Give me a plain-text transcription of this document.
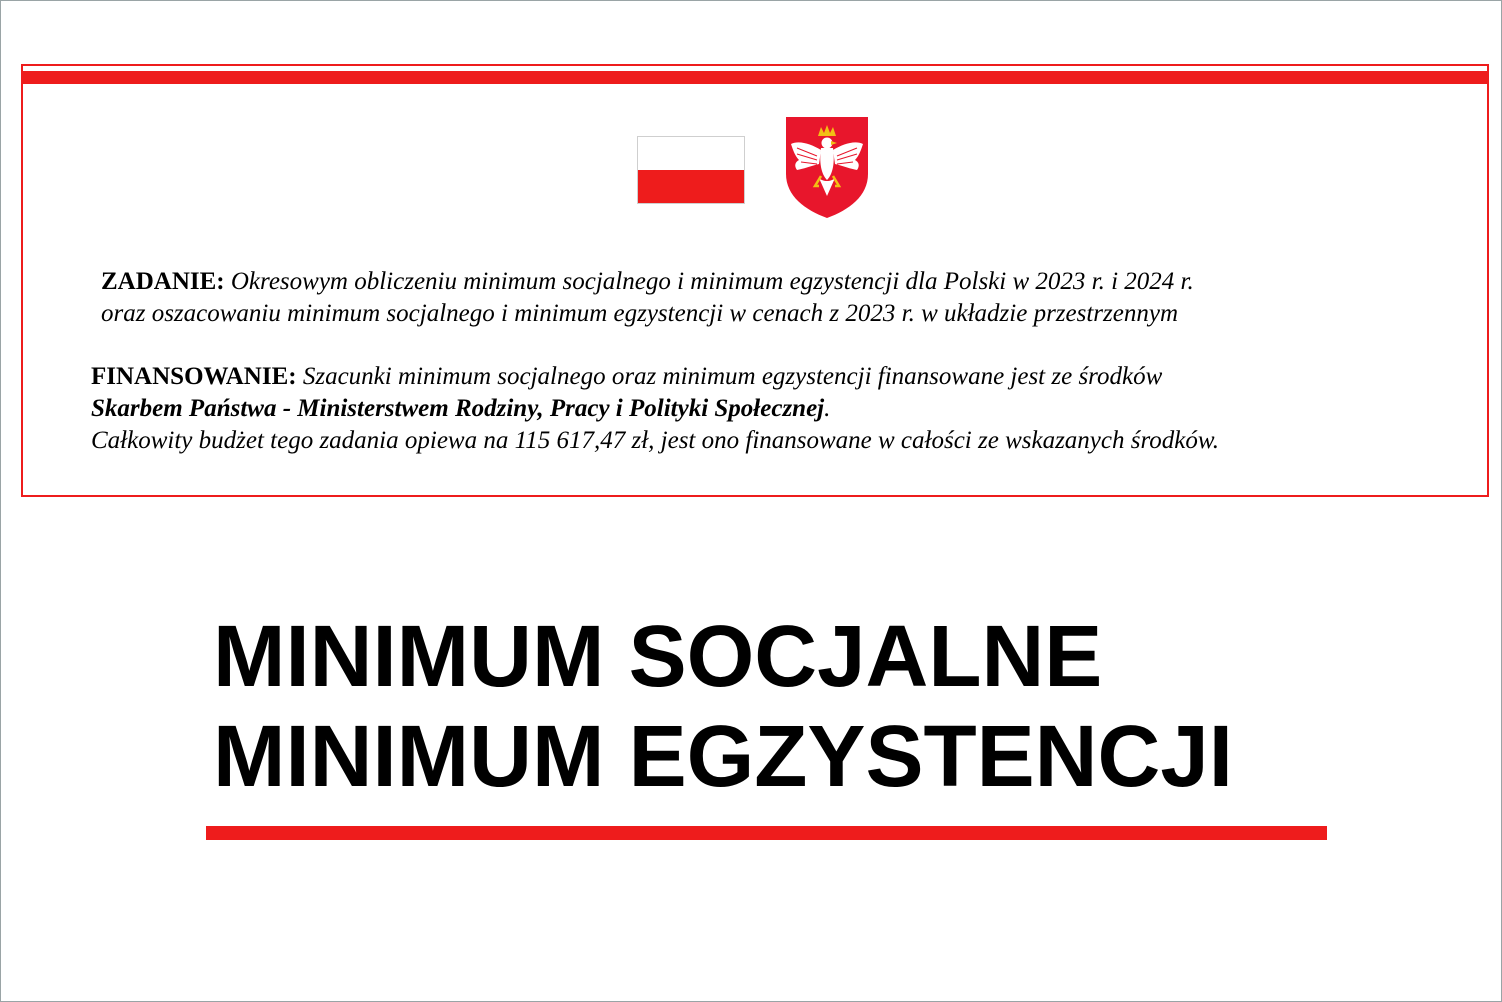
ZADANIE: Okresowym obliczeniu minimum socjalnego i minimum egzystencji dla Polski w 2023 r. i 2024 r.
oraz oszacowaniu minimum socjalnego i minimum egzystencji w cenach z 2023 r. w układzie przestrzennym
FINANSOWANIE: Szacunki minimum socjalnego oraz minimum egzystencji finansowane jest ze środków
Skarbem Państwa - Ministerstwem Rodziny, Pracy i Polityki Społecznej.
Całkowity budżet tego zadania opiewa na 115 617,47 zł, jest ono finansowane w całości ze wskazanych środków.
MINIMUM SOCJALNE
MINIMUM EGZYSTENCJI
